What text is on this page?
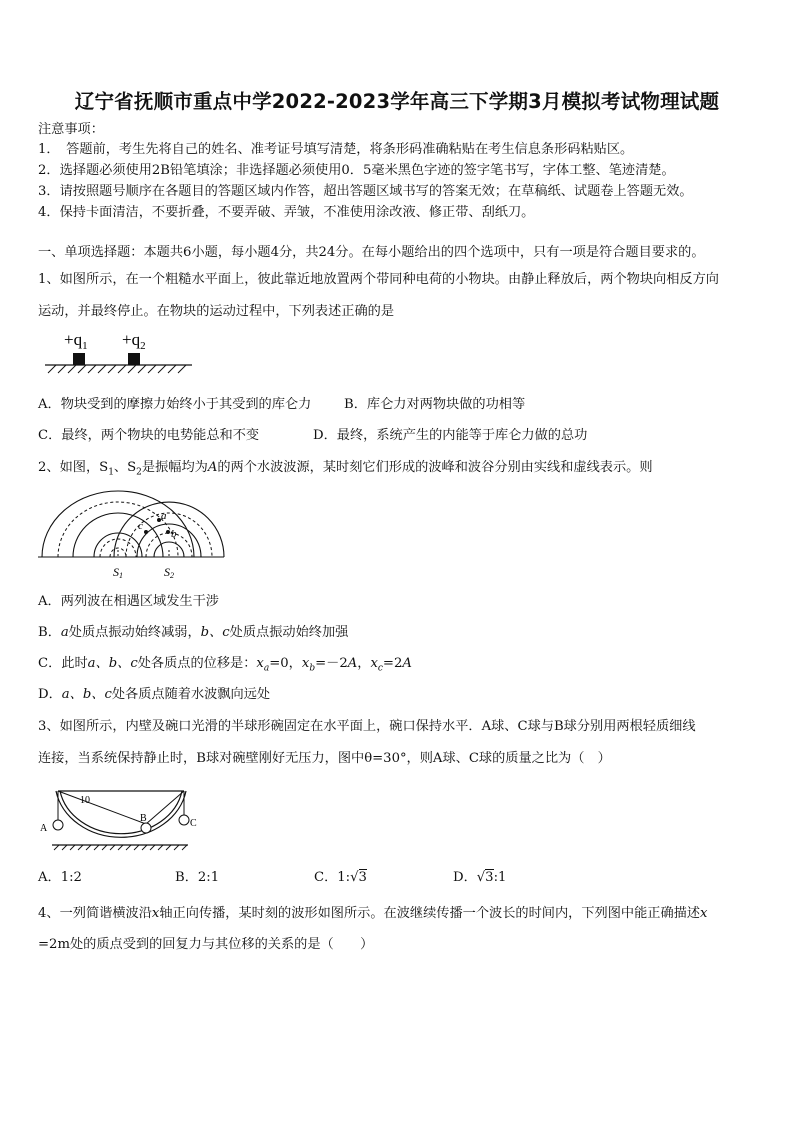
辽宁省抚顺市重点中学2022-2023学年高三下学期3月模拟考试物理试题
注意事项：
1．　答题前，考生先将自己的姓名、准考证号填写清楚，将条形码准确粘贴在考生信息条形码粘贴区。
2．选择题必须使用2B铅笔填涂；非选择题必须使用0．5毫米黑色字迹的签字笔书写，字体工整、笔迹清楚。
3．请按照题号顺序在各题目的答题区域内作答，超出答题区域书写的答案无效；在草稿纸、试题卷上答题无效。
4．保持卡面清洁，不要折叠，不要弄破、弄皱，不准使用涂改液、修正带、刮纸刀。
一、单项选择题：本题共6小题，每小题4分，共24分。在每小题给出的四个选项中，只有一项是符合题目要求的。
1、如图所示，在一个粗糙水平面上，彼此靠近地放置两个带同种电荷的小物块。由静止释放后，两个物块向相反方向
运动，并最终停止。在物块的运动过程中，下列表述正确的是
$+q_1 +q_2$
A．物块受到的摩擦力始终小于其受到的库仑力 B．库仑力对两物块做的功相等
C．最终，两个物块的电势能总和不变	D．最终，系统产生的内能等于库仑力做的总功
2、如图，$S_1$、$S_2$是振幅均为A的两个水波波源，某时刻它们形成的波峰和波谷分别由实线和虚线表示。则
a
b
c
S1	S2
A．两列波在相遇区域发生干涉
B．a处质点振动始终减弱，b、c处质点振动始终加强
C．此时a、b、c处各质点的位移是：$x_a=0$，$x_b=-2A$，$x_c=2A$
D．a、b、c处各质点随着水波飘向远处
3、如图所示，内壁及碗口光滑的半球形碗固定在水平面上，碗口保持水平．A球、C球与B球分别用两根轻质细线
连接，当系统保持静止时，B球对碗壁刚好无压力，图中θ=30°，则A球、C球的质量之比为（　）
A
B	C
10
A．1:2	B．2:1	C．1:√3	D．√3:1
4、一列简谐横波沿x轴正向传播，某时刻的波形如图所示。在波继续传播一个波长的时间内，下列图中能正确描述x
=2m处的质点受到的回复力与其位移的关系的是（　　）
